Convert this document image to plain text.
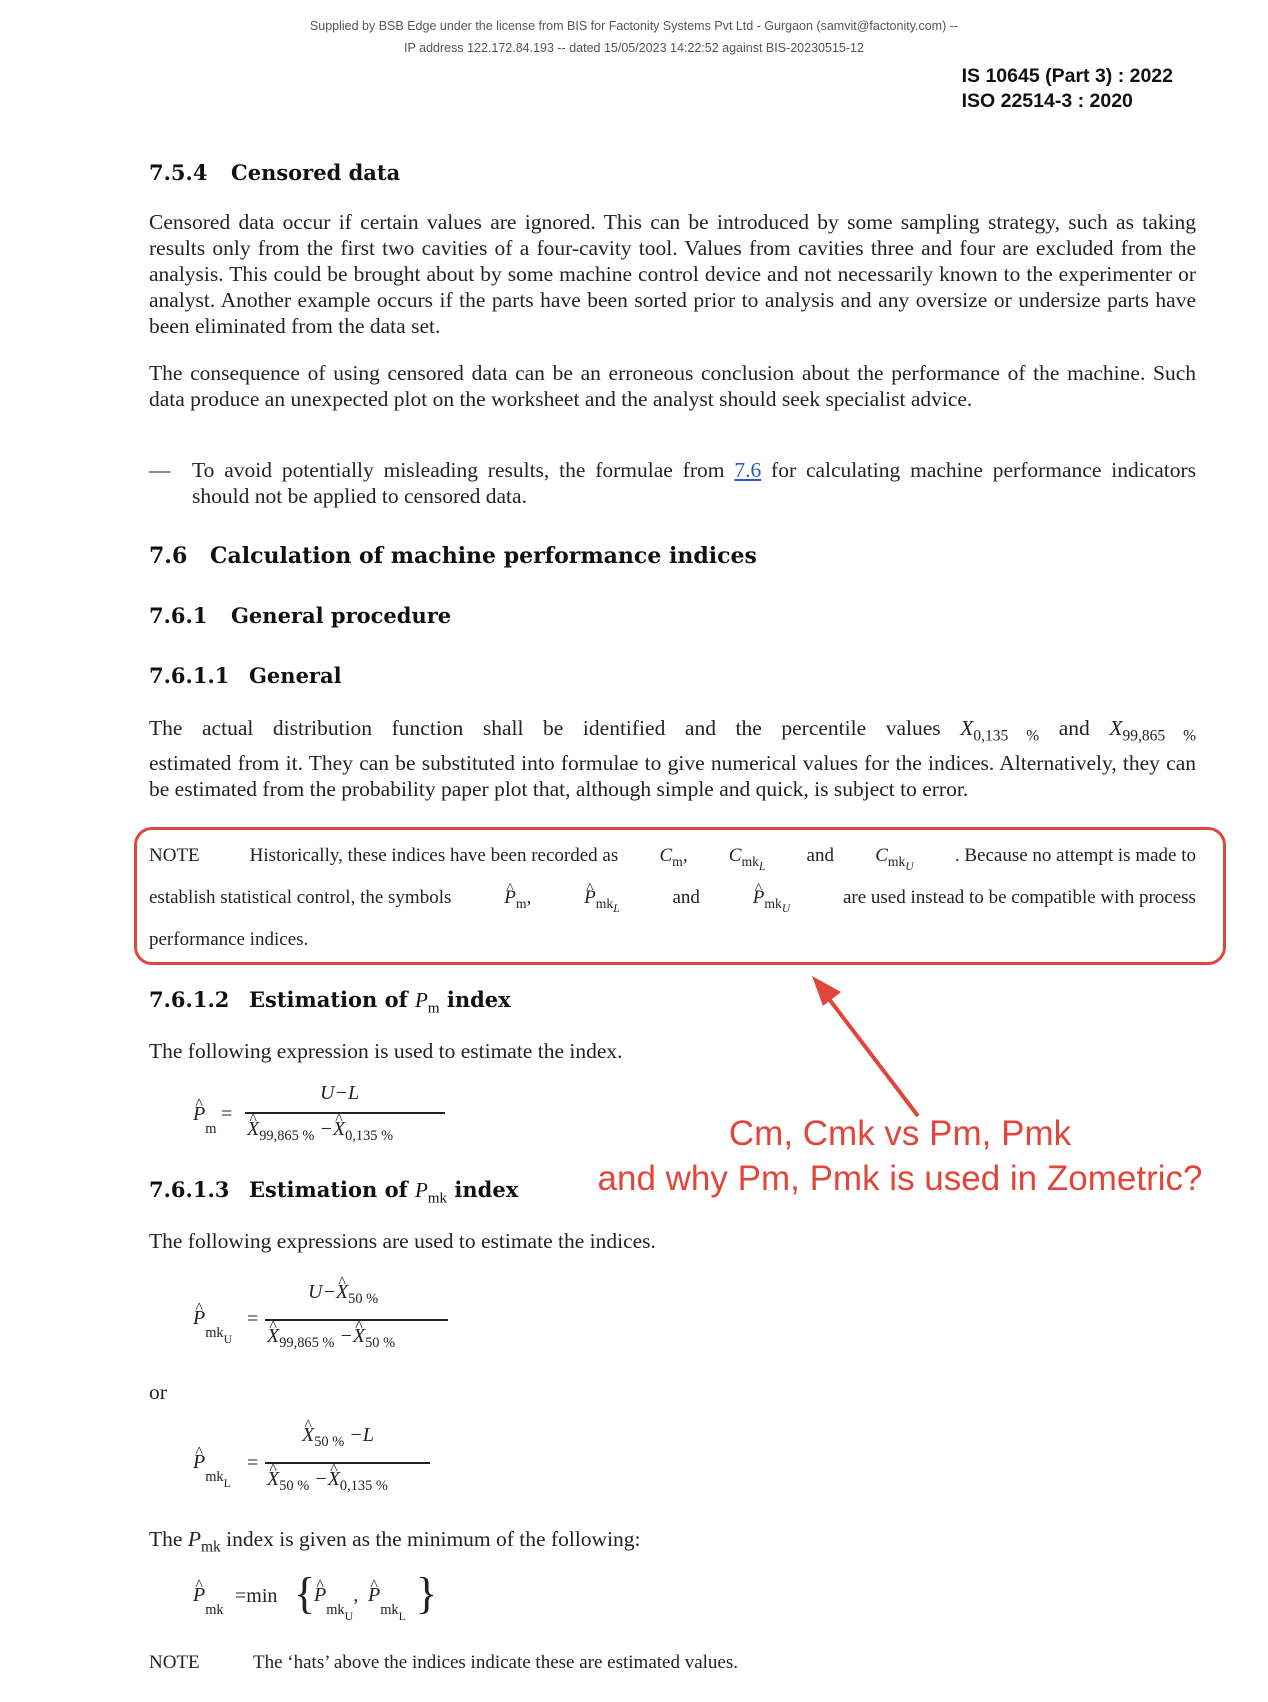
Supplied by BSB Edge under the license from BIS for Factonity Systems Pvt Ltd - Gurgaon (samvit@factonity.com) --
IP address 122.172.84.193 -- dated 15/05/2023 14:22:52 against BIS-20230515-12
IS 10645 (Part 3) : 2022
ISO 22514-3 : 2020
7.5.4 Censored data

Censored data occur if certain values are ignored. This can be introduced by some sampling strategy, such as taking results only from the first two cavities of a four-cavity tool. Values from cavities three and four are excluded from the analysis. This could be brought about by some machine control device and not necessarily known to the experimenter or analyst. Another example occurs if the parts have been sorted prior to analysis and any oversize or undersize parts have been eliminated from the data set.

The consequence of using censored data can be an erroneous conclusion about the performance of the machine. Such data produce an unexpected plot on the worksheet and the analyst should seek specialist advice.

— To avoid potentially misleading results, the formulae from 7.6 for calculating machine performance indicators should not be applied to censored data.

7.6 Calculation of machine performance indices
7.6.1 General procedure
7.6.1.1 General

The actual distribution function shall be identified and the percentile values $X_{0,135 \%}$ and $X_{99,865 \%}$

estimated from it. They can be substituted into formulae to give numerical values for the indices. Alternatively, they can be estimated from the probability paper plot that, although simple and quick, is subject to error.

NOTE	Historically, these indices have been recorded as $C_m$, $C_{mkL}$
and $C_{mkU}$
. Because no attempt is made to
establish statistical control, the symbols	^ $P_m$,	^ $P_{mkL}$
and	^ $P_{mkU}$
are used instead to be compatible with process
performance indices.
Cm, Cmk vs Pm, Pmk
and why Pm, Pmk is used in Zometric?
7.6.1.2 Estimation of $P_m$ index

The following expression is used to estimate the index.

^ $P_m$
=
U−L
^ $X_{99,865 \%}$ −^ $X_{0,135 \%}$
7.6.1.3 Estimation of $P_{mk}$ index

The following expressions are used to estimate the indices.

^ $P_{mkU}$
=
U−^ $X_{50 \%}$
^ $X_{99,865 \%}$ −^ $X_{50 \%}$

or

^ $P_{mkL}$
=
^ $X_{50 \%} -L$
^ $X_{50 \%}$ −^ $X_{0,135 \%}$

The $P_{mk}$ index is given as the minimum of the following:

^ $P_{mk}$
=min {
^ $P_{mkU}$, ^ $P_{mkL}$ }
NOTE	The ‘hats’ above the indices indicate these are estimated values.
